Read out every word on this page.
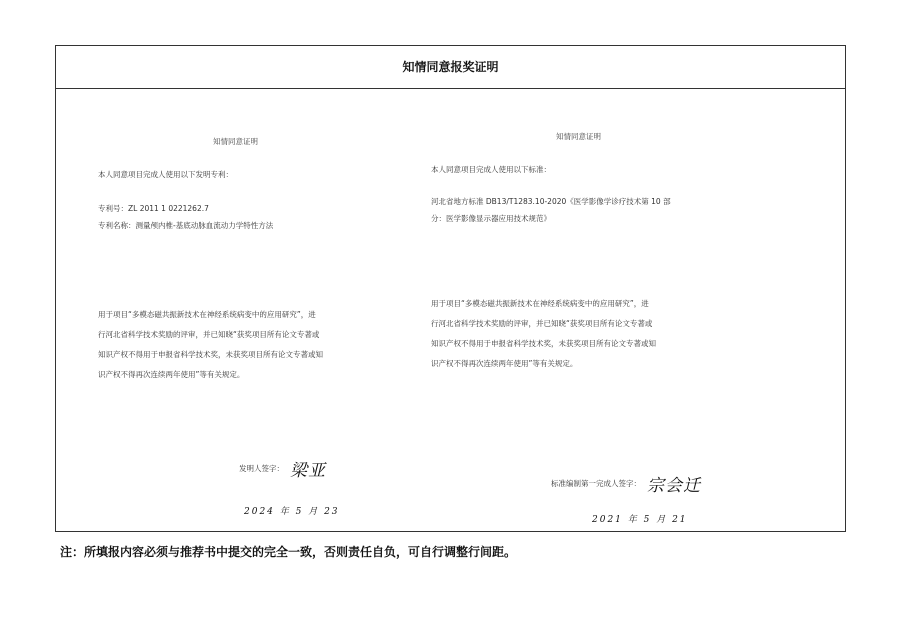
知情同意报奖证明
知情同意证明
本人同意项目完成人使用以下发明专利：
专利号：ZL 2011 1 0221262.7
专利名称：测量颅内椎-基底动脉血流动力学特性方法
用于项目“多模态磁共振新技术在神经系统病变中的应用研究”，进
行河北省科学技术奖励的评审，并已知晓“获奖项目所有论文专著或
知识产权不得用于申报省科学技术奖，未获奖项目所有论文专著或知
识产权不得再次连续两年使用”等有关规定。
发明人签字： 梁亚
2024 年 5 月 23
知情同意证明
本人同意项目完成人使用以下标准：
河北省地方标准 DB13/T1283.10-2020《医学影像学诊疗技术第 10 部
分：医学影像显示器应用技术规范》
用于项目“多模态磁共振新技术在神经系统病变中的应用研究”，进
行河北省科学技术奖励的评审，并已知晓“获奖项目所有论文专著或
知识产权不得用于申报省科学技术奖，未获奖项目所有论文专著或知
识产权不得再次连续两年使用”等有关规定。
标准编制第一完成人签字： 宗会迁
2021 年 5 月 21
注：所填报内容必须与推荐书中提交的完全一致，否则责任自负，可自行调整行间距。
